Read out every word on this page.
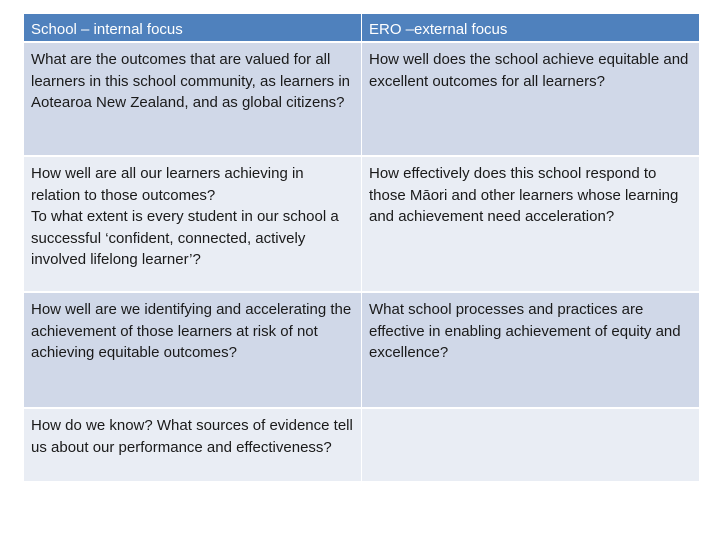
School – internal focus	ERO –external focus
What are the outcomes that are valued for all learners in this school community, as learners in Aotearoa New Zealand, and as global citizens?
How well does the school achieve equitable and excellent outcomes for all learners?
How well are all our learners achieving in relation to those outcomes?
To what extent is every student in our school a successful ‘confident, connected, actively involved lifelong learner’?
How effectively does this school respond to those Māori and other learners whose learning and achievement need acceleration?
How well are we identifying and accelerating the achievement of those learners at risk of not achieving equitable outcomes?
What school processes and practices are effective in enabling achievement of equity and excellence?
How do we know? What sources of evidence tell us about our performance and effectiveness?
